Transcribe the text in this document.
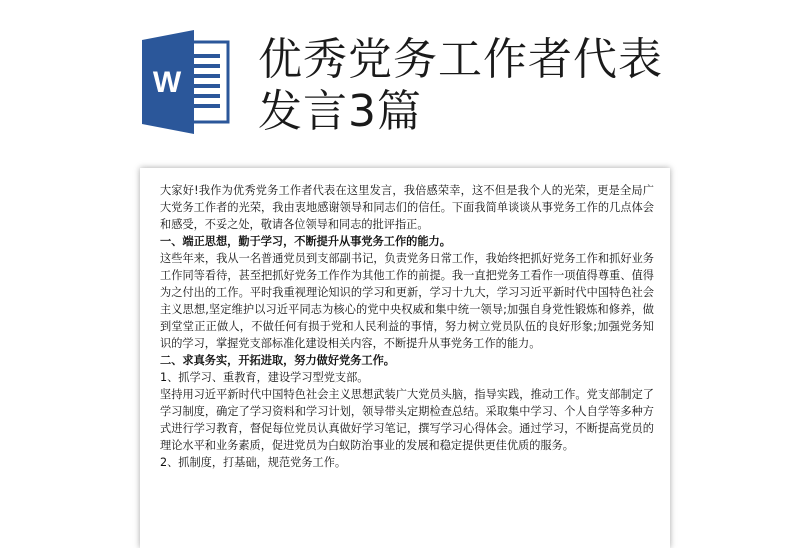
W 优秀党务工作者代表
发言3篇

大家好!我作为优秀党务工作者代表在这里发言，我倍感荣幸，这不但是我个人的光荣，更是全局广大党务工作者的光荣，我由衷地感谢领导和同志们的信任。下面我简单谈谈从事党务工作的几点体会和感受，不妥之处，敬请各位领导和同志的批评指正。

一、端正思想，勤于学习，不断提升从事党务工作的能力。

这些年来，我从一名普通党员到支部副书记，负责党务日常工作，我始终把抓好党务工作和抓好业务工作同等看待，甚至把抓好党务工作作为其他工作的前提。我一直把党务工看作一项值得尊重、值得为之付出的工作。平时我重视理论知识的学习和更新，学习十九大，学习习近平新时代中国特色社会主义思想,坚定维护以习近平同志为核心的党中央权威和集中统一领导;加强自身党性锻炼和修养，做到堂堂正正做人，不做任何有损于党和人民利益的事情，努力树立党员队伍的良好形象;加强党务知识的学习，掌握党支部标准化建设相关内容，不断提升从事党务工作的能力。

二、求真务实，开拓进取，努力做好党务工作。

1、抓学习、重教育，建设学习型党支部。

坚持用习近平新时代中国特色社会主义思想武装广大党员头脑，指导实践，推动工作。党支部制定了学习制度，确定了学习资料和学习计划，领导带头定期检查总结。采取集中学习、个人自学等多种方式进行学习教育，督促每位党员认真做好学习笔记，撰写学习心得体会。通过学习，不断提高党员的理论水平和业务素质，促进党员为白蚁防治事业的发展和稳定提供更佳优质的服务。

2、抓制度，打基础，规范党务工作。
